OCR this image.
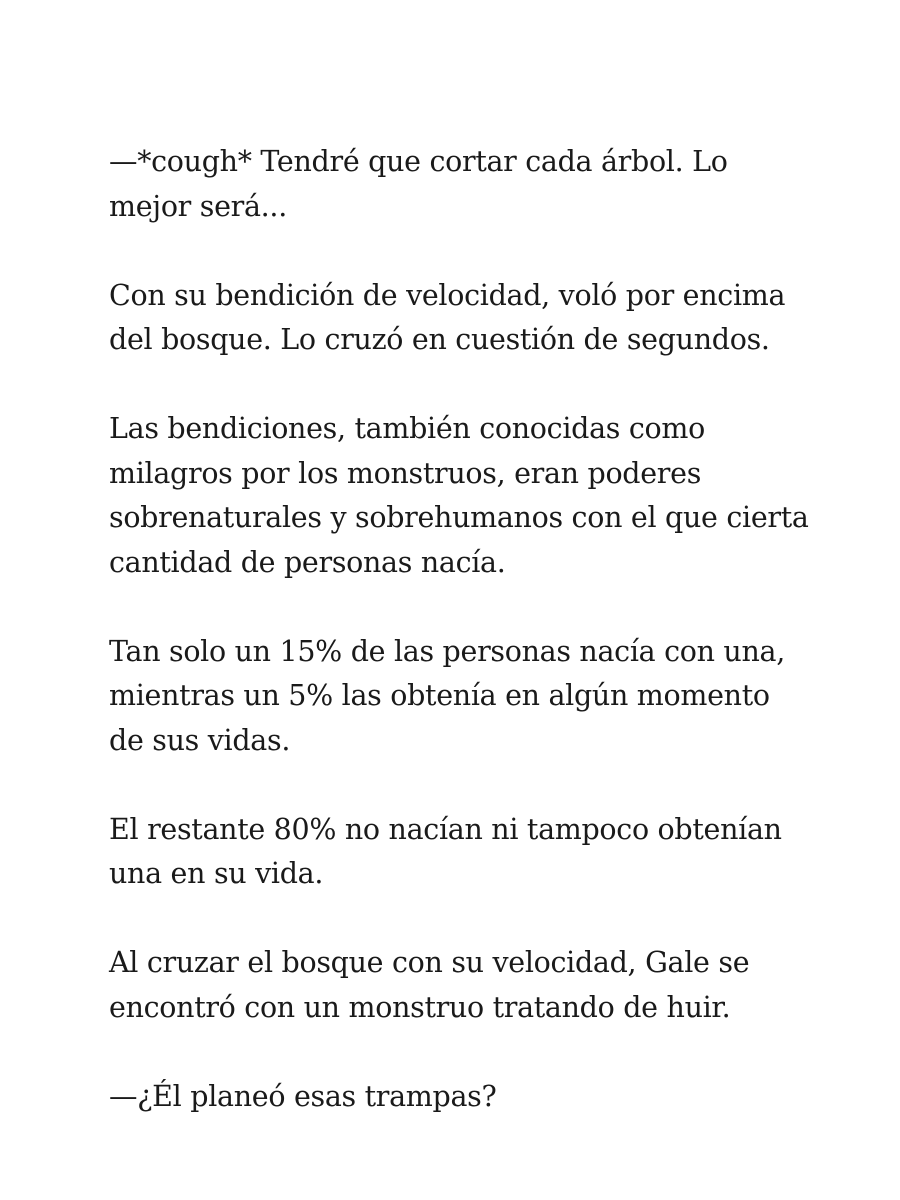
—*cough* Tendré que cortar cada árbol. Lo mejor será...

Con su bendición de velocidad, voló por encima del bosque. Lo cruzó en cuestión de segundos.

Las bendiciones, también conocidas como milagros por los monstruos, eran poderes sobrenaturales y sobrehumanos con el que cierta cantidad de personas nacía.

Tan solo un 15% de las personas nacía con una, mientras un 5% las obtenía en algún momento de sus vidas.

El restante 80% no nacían ni tampoco obtenían una en su vida.

Al cruzar el bosque con su velocidad, Gale se encontró con un monstruo tratando de huir.

—¿Él planeó esas trampas?
